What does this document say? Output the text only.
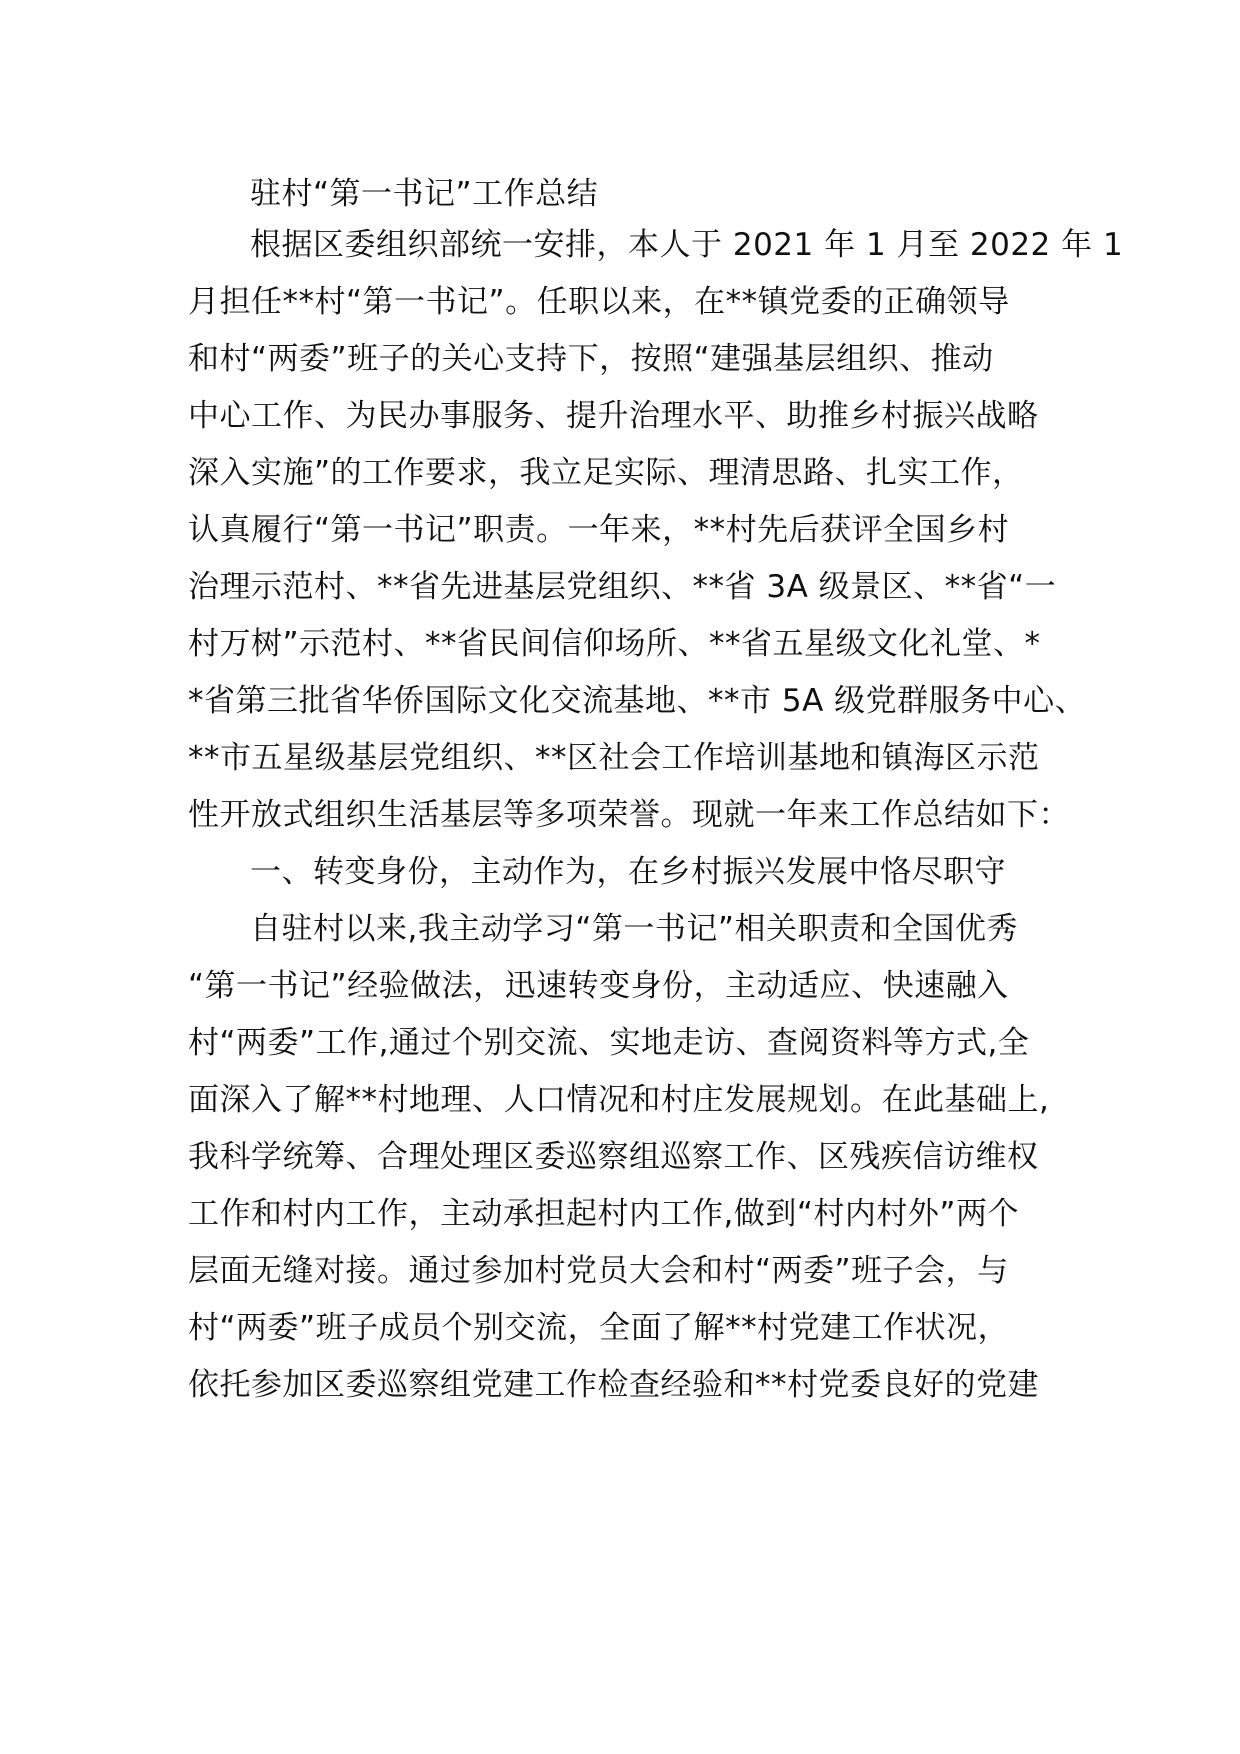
驻村“第一书记”工作总结
根据区委组织部统一安排，本人于 2021 年 1 月至 2022 年 1
月担任**村“第一书记”。任职以来，在**镇党委的正确领导
和村“两委”班子的关心支持下，按照“建强基层组织、推动
中心工作、为民办事服务、提升治理水平、助推乡村振兴战略
深入实施”的工作要求，我立足实际、理清思路、扎实工作，
认真履行“第一书记”职责。一年来，**村先后获评全国乡村
治理示范村、**省先进基层党组织、**省 3A 级景区、**省“一
村万树”示范村、**省民间信仰场所、**省五星级文化礼堂、*
*省第三批省华侨国际文化交流基地、**市 5A 级党群服务中心、
**市五星级基层党组织、**区社会工作培训基地和镇海区示范
性开放式组织生活基层等多项荣誉。现就一年来工作总结如下：
一、转变身份，主动作为，在乡村振兴发展中恪尽职守
自驻村以来,我主动学习“第一书记”相关职责和全国优秀
“第一书记”经验做法，迅速转变身份，主动适应、快速融入
村“两委”工作,通过个别交流、实地走访、查阅资料等方式,全
面深入了解**村地理、人口情况和村庄发展规划。在此基础上,
我科学统筹、合理处理区委巡察组巡察工作、区残疾信访维权
工作和村内工作，主动承担起村内工作,做到“村内村外”两个
层面无缝对接。通过参加村党员大会和村“两委”班子会，与
村“两委”班子成员个别交流，全面了解**村党建工作状况，
依托参加区委巡察组党建工作检查经验和**村党委良好的党建
